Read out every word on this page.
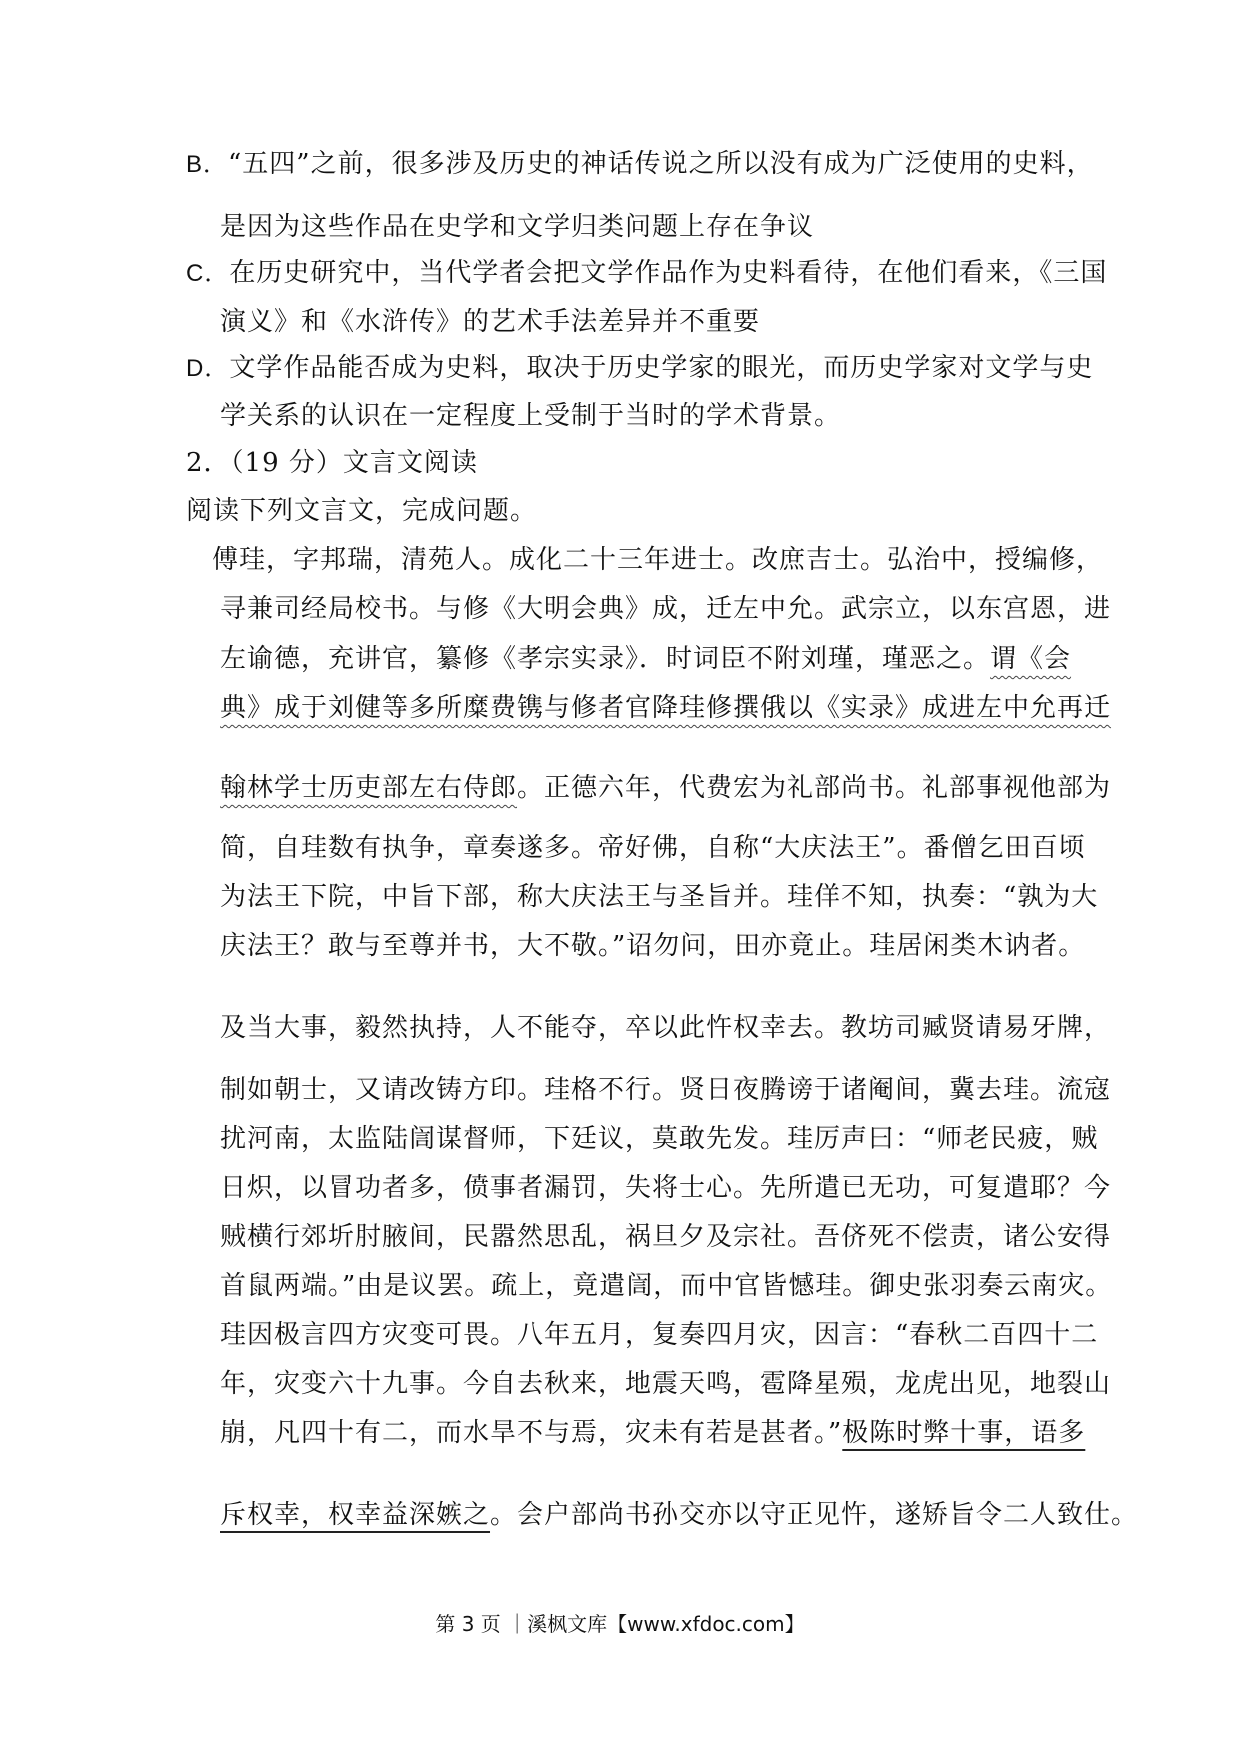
B．“五四”之前，很多涉及历史的神话传说之所以没有成为广泛使用的史料，
是因为这些作品在史学和文学归类问题上存在争议
C．在历史研究中，当代学者会把文学作品作为史料看待，在他们看来，《三国
演义》和《水浒传》的艺术手法差异并不重要
D．文学作品能否成为史料，取决于历史学家的眼光，而历史学家对文学与史
学关系的认识在一定程度上受制于当时的学术背景。
2．（19 分）文言文阅读
阅读下列文言文，完成问题。
傅珪，字邦瑞，清苑人。成化二十三年进士。改庶吉士。弘治中，授编修，
寻兼司经局校书。与修《大明会典》成，迁左中允。武宗立，以东宫恩，进
左谕德，充讲官，纂修《孝宗实录》．时词臣不附刘瑾，瑾恶之。谓《会
典》成于刘健等多所糜费镌与修者官降珪修撰俄以《实录》成进左中允再迁
翰林学士历吏部左右侍郎。正德六年，代费宏为礼部尚书。礼部事视他部为
简，自珪数有执争，章奏遂多。帝好佛，自称“大庆法王”。番僧乞田百顷
为法王下院，中旨下部，称大庆法王与圣旨并。珪佯不知，执奏：“孰为大
庆法王？敢与至尊并书，大不敬。”诏勿问，田亦竟止。珪居闲类木讷者。
及当大事，毅然执持，人不能夺，卒以此忤权幸去。教坊司臧贤请易牙牌，
制如朝士，又请改铸方印。珪格不行。贤日夜腾谤于诸阉间，冀去珪。流寇
扰河南，太监陆訚谋督师，下廷议，莫敢先发。珪厉声曰：“师老民疲，贼
日炽，以冒功者多，偾事者漏罚，失将士心。先所遣已无功，可复遣耶？今
贼横行郊圻肘腋间，民嚣然思乱，祸旦夕及宗社。吾侪死不偿责，诸公安得
首鼠两端。”由是议罢。疏上，竟遣訚，而中官皆憾珪。御史张羽奏云南灾。
珪因极言四方灾变可畏。八年五月，复奏四月灾，因言：“春秋二百四十二
年，灾变六十九事。今自去秋来，地震天鸣，雹降星殒，龙虎出见，地裂山
崩，凡四十有二，而水旱不与焉，灾未有若是甚者。”极陈时弊十事，语多
斥权幸，权幸益深嫉之。会户部尚书孙交亦以守正见忤，遂矫旨令二人致仕。
第 3 页 ｜溪枫文库【www.xfdoc.com】
